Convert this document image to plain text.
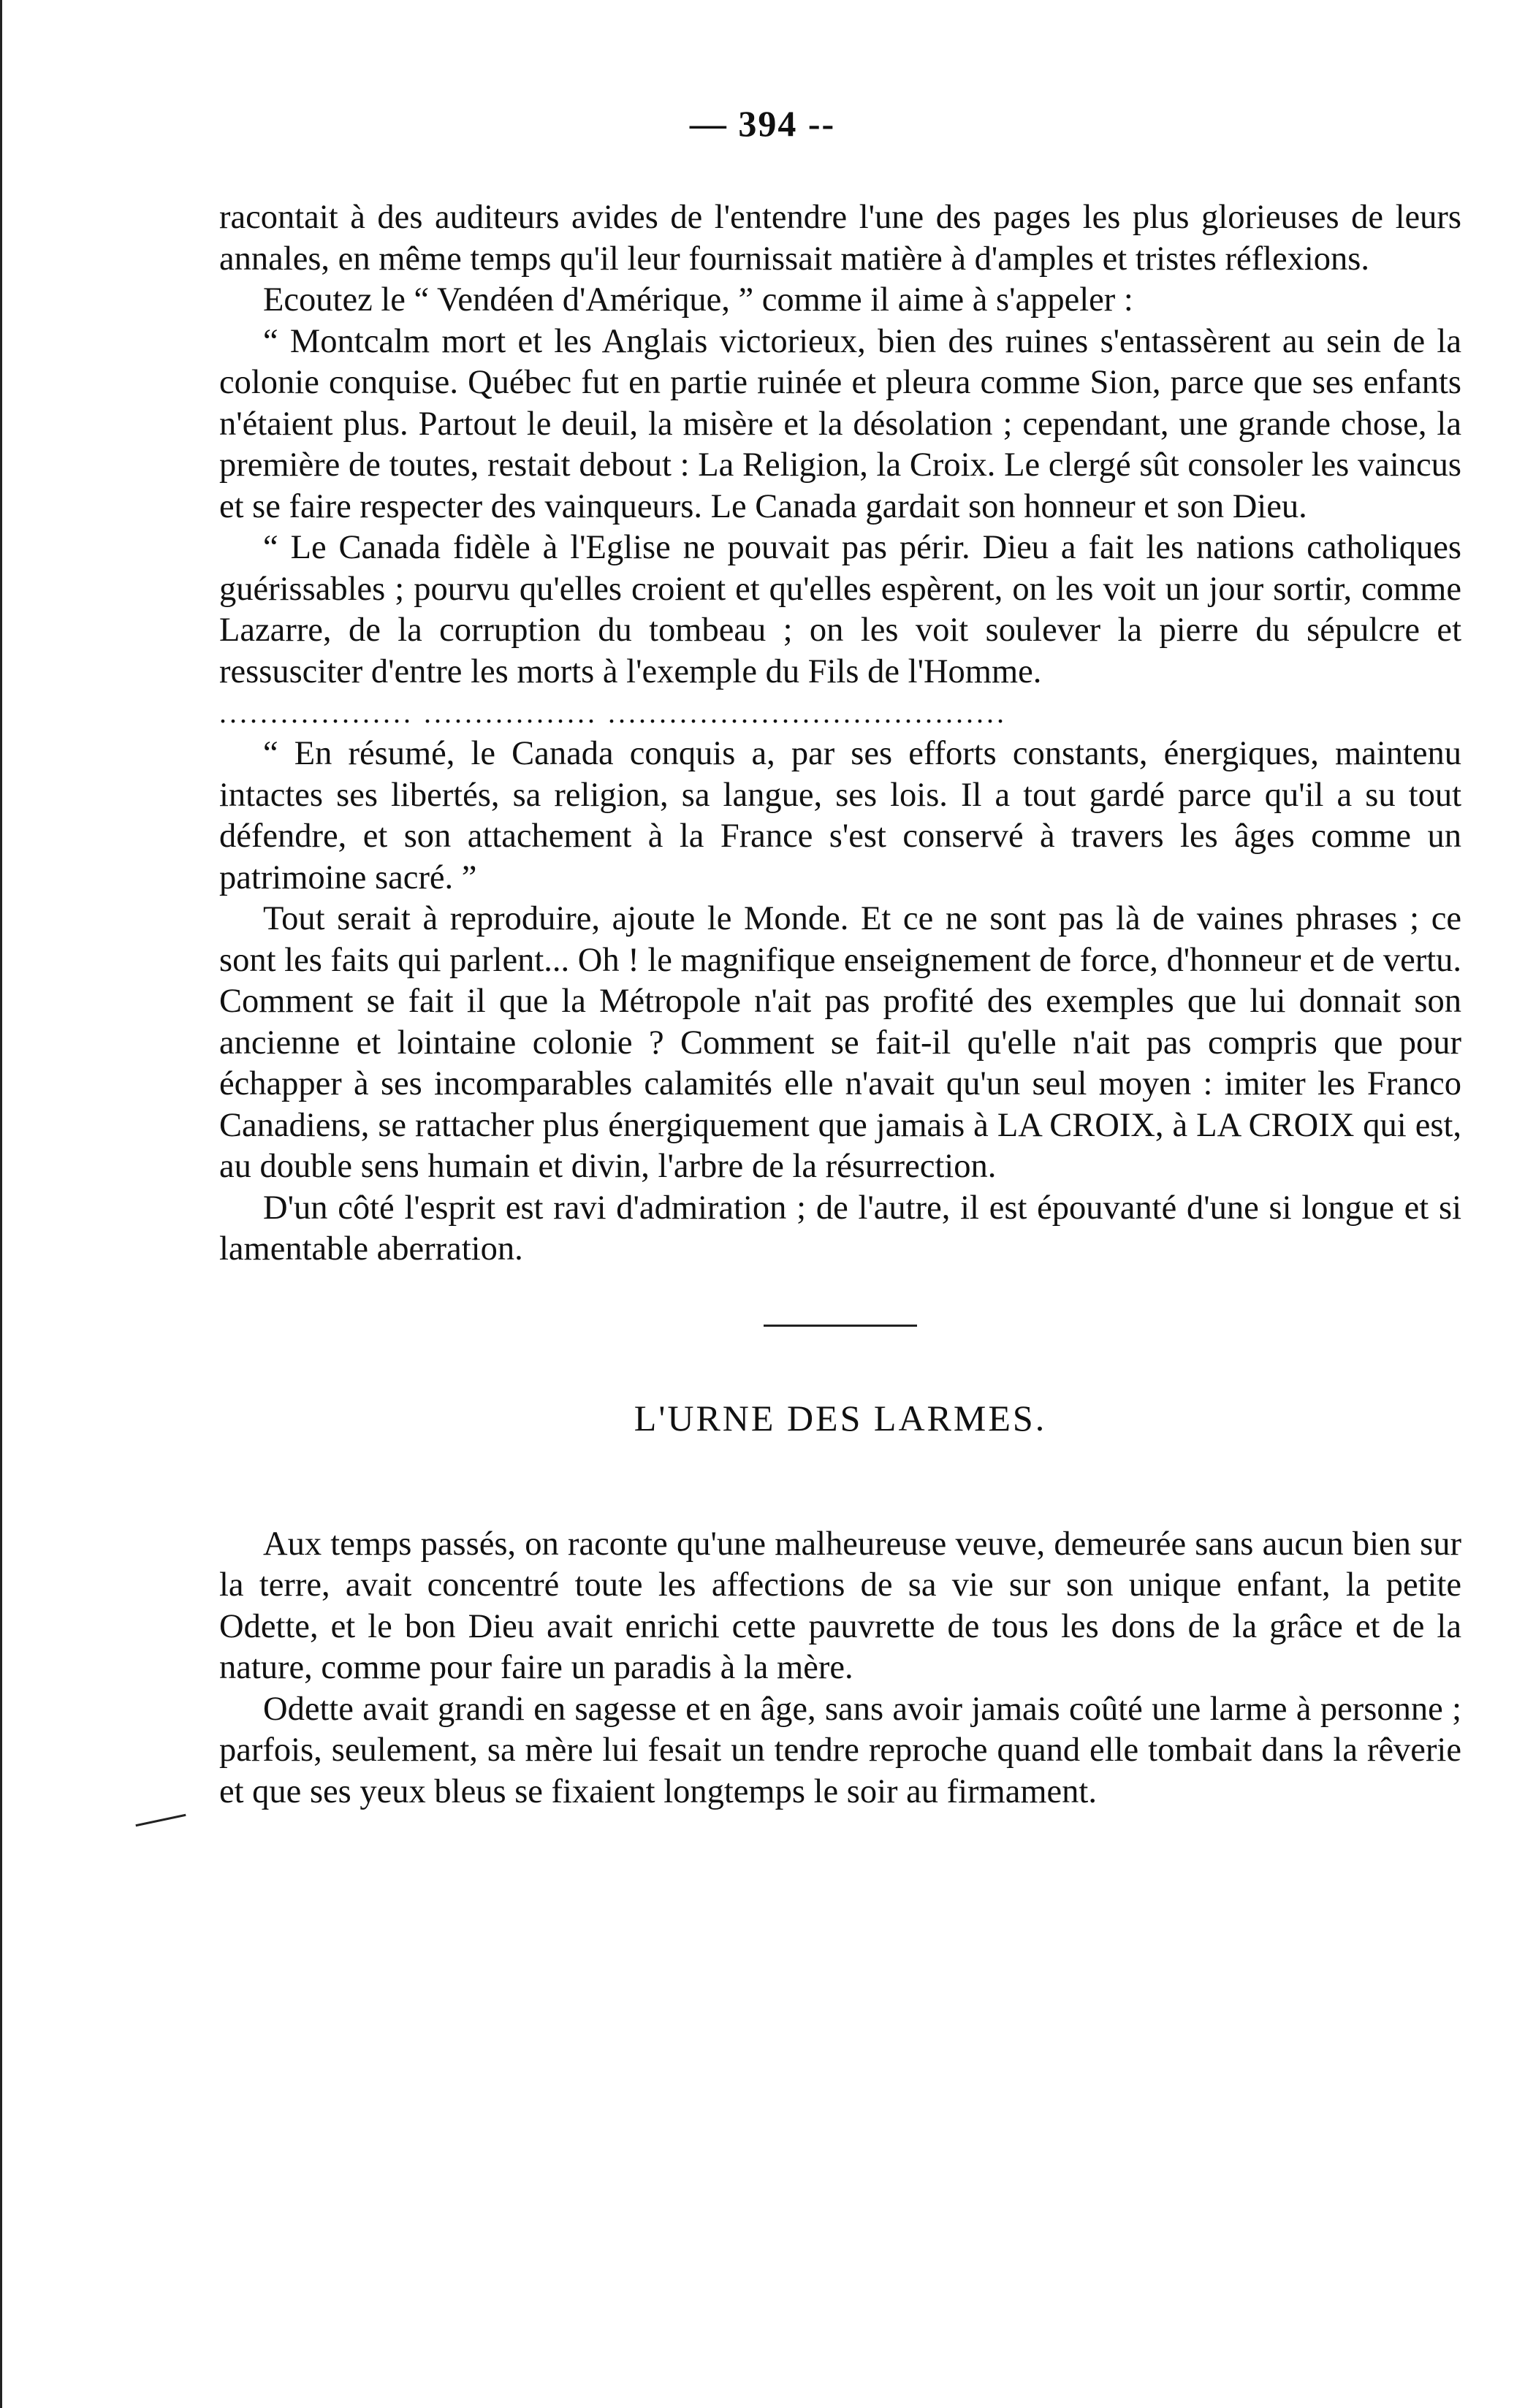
— 394 --

racontait à des auditeurs avides de l'entendre l'une des pages les plus glorieuses de leurs annales, en même temps qu'il leur fournissait matière à d'amples et tristes réflexions.

Ecoutez le “ Vendéen d'Amérique, ” comme il aime à s'appeler :

“ Montcalm mort et les Anglais victorieux, bien des ruines s'entassèrent au sein de la colonie conquise. Québec fut en partie ruinée et pleura comme Sion, parce que ses enfants n'étaient plus. Partout le deuil, la misère et la désolation ; cependant, une grande chose, la première de toutes, restait debout : La Religion, la Croix. Le clergé sût consoler les vaincus et se faire respecter des vainqueurs. Le Canada gardait son honneur et son Dieu.

“ Le Canada fidèle à l'Eglise ne pouvait pas périr. Dieu a fait les nations catholiques guérissables ; pourvu qu'elles croient et qu'elles espèrent, on les voit un jour sortir, comme Lazarre, de la corruption du tombeau ; on les voit soulever la pierre du sépulcre et ressusciter d'entre les morts à l'exemple du Fils de l'Homme.

................... ................. .......................................

“ En résumé, le Canada conquis a, par ses efforts constants, énergiques, maintenu intactes ses libertés, sa religion, sa langue, ses lois. Il a tout gardé parce qu'il a su tout défendre, et son attachement à la France s'est conservé à travers les âges comme un patrimoine sacré. ”

Tout serait à reproduire, ajoute le Monde. Et ce ne sont pas là de vaines phrases ; ce sont les faits qui parlent... Oh ! le magnifique enseignement de force, d'honneur et de vertu. Comment se fait il que la Métropole n'ait pas profité des exemples que lui donnait son ancienne et lointaine colonie ? Comment se fait-il qu'elle n'ait pas compris que pour échapper à ses incomparables calamités elle n'avait qu'un seul moyen : imiter les Franco Canadiens, se rattacher plus énergiquement que jamais à LA CROIX, à LA CROIX qui est, au double sens humain et divin, l'arbre de la résurrection.

D'un côté l'esprit est ravi d'admiration ; de l'autre, il est épouvanté d'une si longue et si lamentable aberration.

L'URNE DES LARMES.

Aux temps passés, on raconte qu'une malheureuse veuve, demeurée sans aucun bien sur la terre, avait concentré toute les affections de sa vie sur son unique enfant, la petite Odette, et le bon Dieu avait enrichi cette pauvrette de tous les dons de la grâce et de la nature, comme pour faire un paradis à la mère.

Odette avait grandi en sagesse et en âge, sans avoir jamais coûté une larme à personne ; parfois, seulement, sa mère lui fesait un tendre reproche quand elle tombait dans la rêverie et que ses yeux bleus se fixaient longtemps le soir au firmament.
